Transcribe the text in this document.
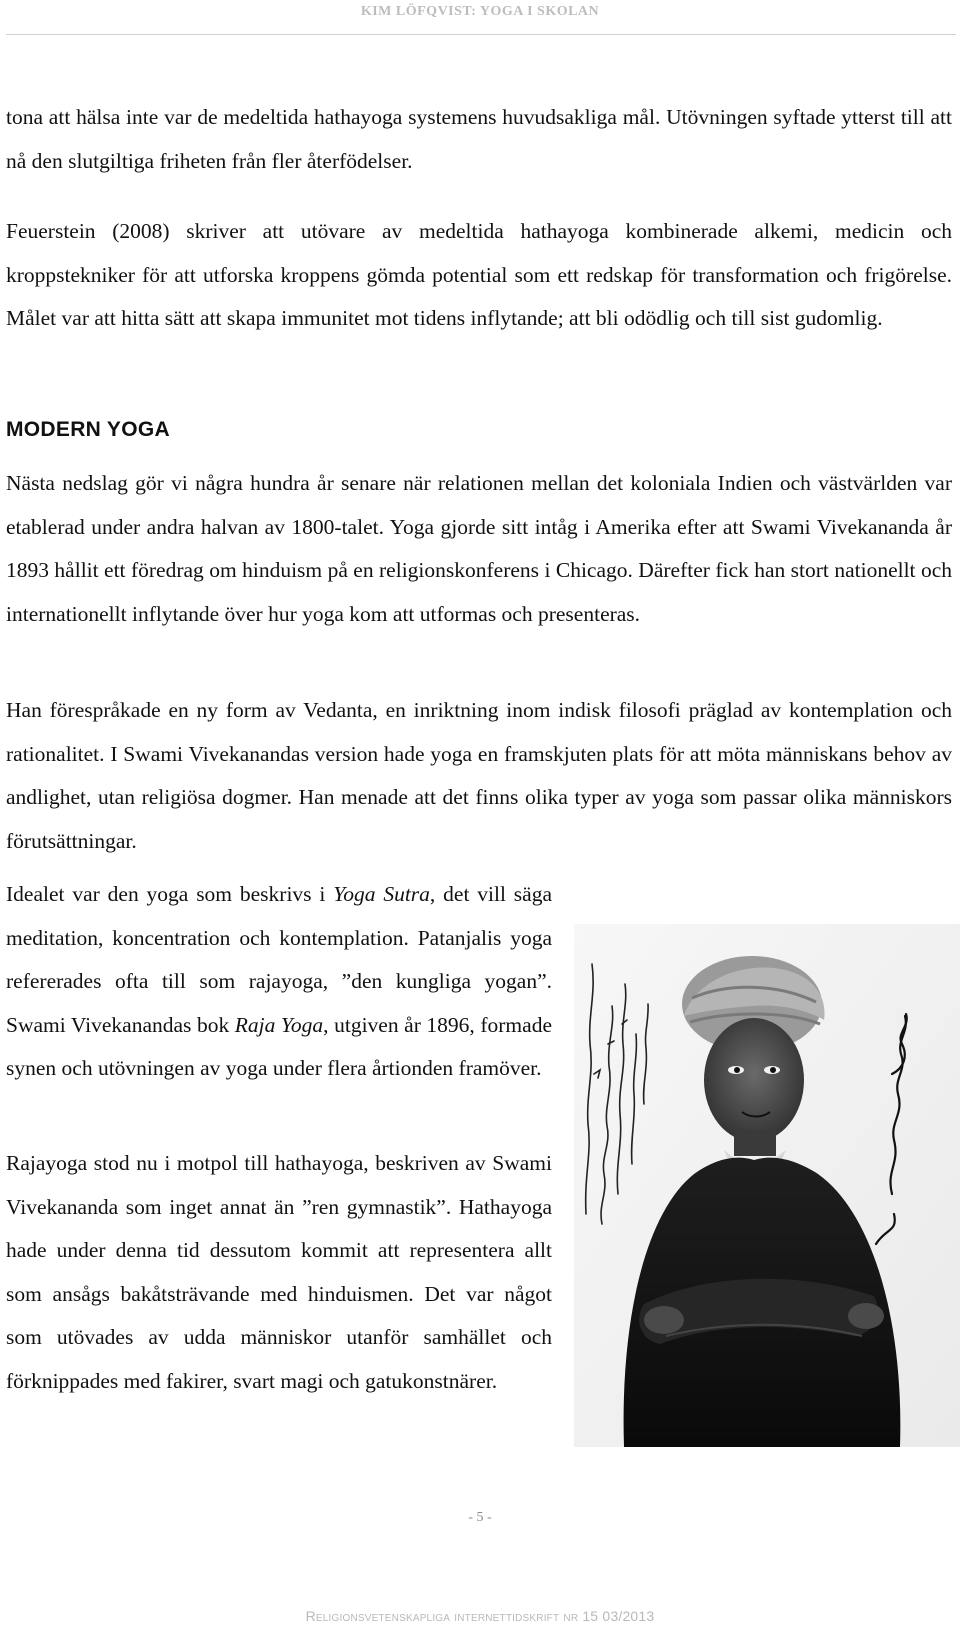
KIM LÖFQVIST: YOGA I SKOLAN

tona att hälsa inte var de medeltida hathayoga systemens huvudsakliga mål. Utövningen syftade ytterst till att nå den slutgiltiga friheten från fler återfödelser.

Feuerstein (2008) skriver att utövare av medeltida hathayoga kombinerade alkemi, medicin och kroppstekniker för att utforska kroppens gömda potential som ett redskap för transformation och frigörelse. Målet var att hitta sätt att skapa immunitet mot tidens inflytande; att bli odödlig och till sist gudomlig.

MODERN YOGA

Nästa nedslag gör vi några hundra år senare när relationen mellan det koloniala Indien och västvärlden var etablerad under andra halvan av 1800-talet. Yoga gjorde sitt intåg i Amerika efter att Swami Vivekananda år 1893 hållit ett föredrag om hinduism på en religionskonferens i Chicago. Därefter fick han stort nationellt och internationellt inflytande över hur yoga kom att utformas och presenteras.

Han förespråkade en ny form av Vedanta, en inriktning inom indisk filosofi präglad av kontemplation och rationalitet. I Swami Vivekanandas version hade yoga en framskjuten plats för att möta människans behov av andlighet, utan religiösa dogmer. Han menade att det finns olika typer av yoga som passar olika människors förutsättningar.

Idealet var den yoga som beskrivs i Yoga Sutra, det vill säga meditation, koncentration och kontemplation. Patanjalis yoga refererades ofta till som rajayoga, ”den kungliga yogan”. Swami Vivekanandas bok Raja Yoga, utgiven år 1896, formade synen och utövningen av yoga under flera årtionden framöver.

Rajayoga stod nu i motpol till hathayoga, beskriven av Swami Vivekananda som inget annat än ”ren gymnastik”. Hathayoga hade under denna tid dessutom kommit att representera allt som ansågs bakåtsträvande med hinduismen. Det var något som utövades av udda människor utanför samhället och förknippades med fakirer, svart magi och gatukonstnärer.

- 5 -
Religionsvetenskapliga internettidskrift nr 15 03/2013
